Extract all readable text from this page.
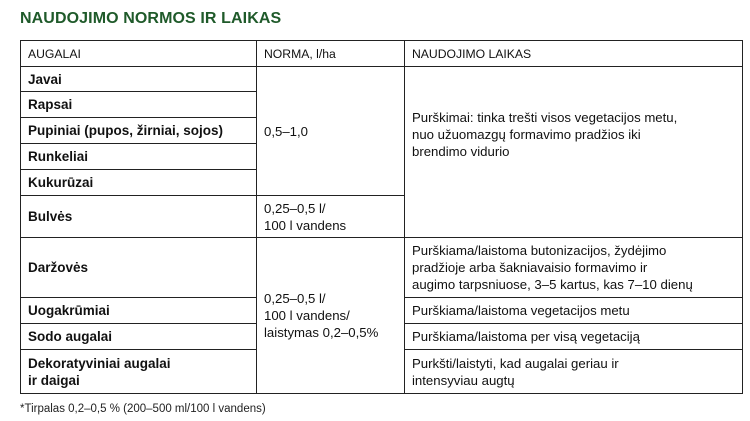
NAUDOJIMO NORMOS IR LAIKAS
AUGALAI	NORMA, l/ha	NAUDOJIMO LAIKAS
Javai	0,5–1,0	Purškimai: tinka trešti visos vegetacijos metu,
nuo užuomazgų formavimo pradžios iki
brendimo vidurio

Rapsai		
Pupiniai (pupos, žirniai, sojos)		
Runkeliai		
Kukurūzai		
Bulvės	0,25–0,5 l/
100 l vandens	

Daržovės	0,25–0,5 l/
100 l vandens/
laistymas 0,2–0,5%	Purškiama/laistoma butonizacijos, žydėjimo
pradžioje arba šakniavaisio formavimo ir
augimo tarpsniuose, 3–5 kartus, kas 7–10 dienų

Uogakrūmiai		Purškiama/laistoma vegetacijos metu
Sodo augalai		Purškiama/laistoma per visą vegetaciją

Dekoratyviniai augalai
ir daigai		Purkšti/laistyti, kad augalai geriau ir
intensyviau augtų
*Tirpalas 0,2–0,5 % (200–500 ml/100 l vandens)
